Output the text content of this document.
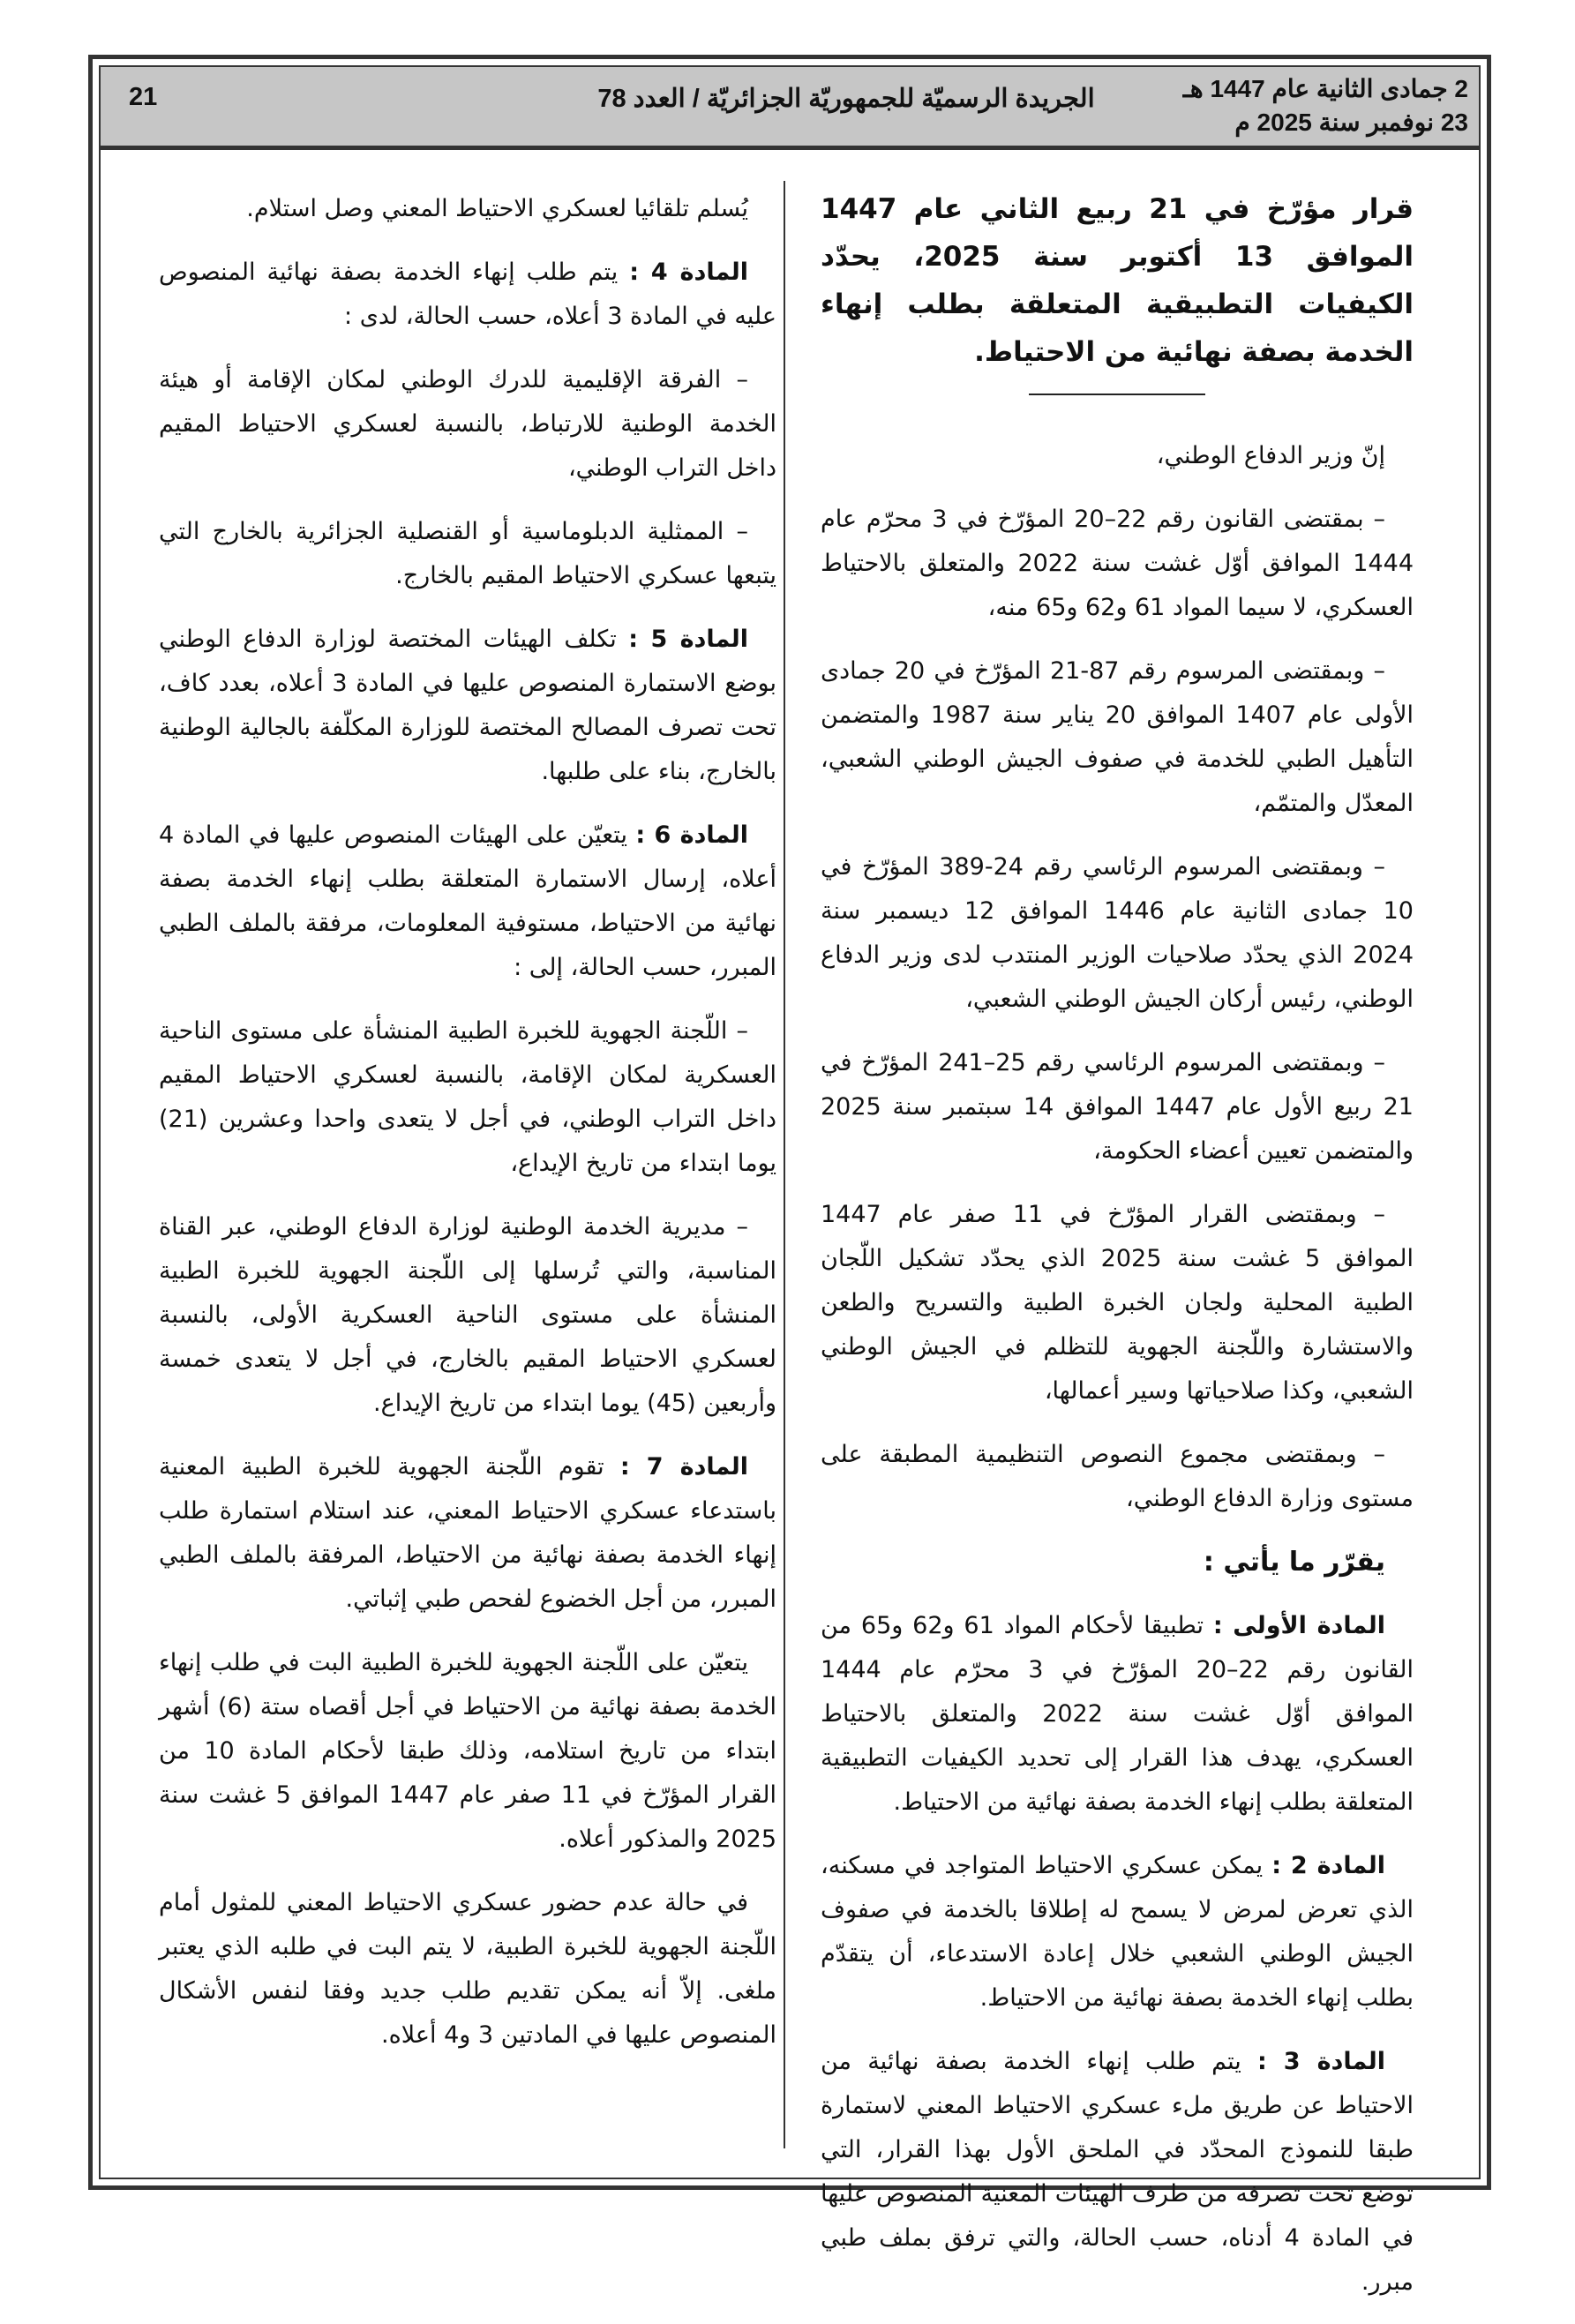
2 جمادى الثانية عام 1447 هـ
23 نوفمبر سنة 2025 م
الجريدة الرسميّة للجمهوريّة الجزائريّة / العدد 78
21

قرار مؤرّخ في 21 ربيع الثاني عام 1447 الموافق 13 أكتوبر سنة 2025، يحدّد الكيفيات التطبيقية المتعلقة بطلب إنهاء الخدمة بصفة نهائية من الاحتياط.

إنّ وزير الدفاع الوطني،

– بمقتضى القانون رقم 22–20 المؤرّخ في 3 محرّم عام 1444 الموافق أوّل غشت سنة 2022 والمتعلق بالاحتياط العسكري، لا سيما المواد 61 و62 و65 منه،

– وبمقتضى المرسوم رقم 87-21 المؤرّخ في 20 جمادى الأولى عام 1407 الموافق 20 يناير سنة 1987 والمتضمن التأهيل الطبي للخدمة في صفوف الجيش الوطني الشعبي، المعدّل والمتمّم،

– وبمقتضى المرسوم الرئاسي رقم 24-389 المؤرّخ في 10 جمادى الثانية عام 1446 الموافق 12 ديسمبر سنة 2024 الذي يحدّد صلاحيات الوزير المنتدب لدى وزير الدفاع الوطني، رئيس أركان الجيش الوطني الشعبي،

– وبمقتضى المرسوم الرئاسي رقم 25–241 المؤرّخ في 21 ربيع الأول عام 1447 الموافق 14 سبتمبر سنة 2025 والمتضمن تعيين أعضاء الحكومة،

– وبمقتضى القرار المؤرّخ في 11 صفر عام 1447 الموافق 5 غشت سنة 2025 الذي يحدّد تشكيل اللّجان الطبية المحلية ولجان الخبرة الطبية والتسريح والطعن والاستشارة واللّجنة الجهوية للتظلم في الجيش الوطني الشعبي، وكذا صلاحياتها وسير أعمالها،

– وبمقتضى مجموع النصوص التنظيمية المطبقة على مستوى وزارة الدفاع الوطني،

يقرّر ما يأتي :

المادة الأولى : تطبيقا لأحكام المواد 61 و62 و65 من القانون رقم 22–20 المؤرّخ في 3 محرّم عام 1444 الموافق أوّل غشت سنة 2022 والمتعلق بالاحتياط العسكري، يهدف هذا القرار إلى تحديد الكيفيات التطبيقية المتعلقة بطلب إنهاء الخدمة بصفة نهائية من الاحتياط.

المادة 2 : يمكن عسكري الاحتياط المتواجد في مسكنه، الذي تعرض لمرض لا يسمح له إطلاقا بالخدمة في صفوف الجيش الوطني الشعبي خلال إعادة الاستدعاء، أن يتقدّم بطلب إنهاء الخدمة بصفة نهائية من الاحتياط.

المادة 3 : يتم طلب إنهاء الخدمة بصفة نهائية من الاحتياط عن طريق ملء عسكري الاحتياط المعني لاستمارة طبقا للنموذج المحدّد في الملحق الأول بهذا القرار، التي توضع تحت تصرفه من طرف الهيئات المعنية المنصوص عليها في المادة 4 أدناه، حسب الحالة، والتي ترفق بملف طبي مبرر.

يُسلم تلقائيا لعسكري الاحتياط المعني وصل استلام.

المادة 4 : يتم طلب إنهاء الخدمة بصفة نهائية المنصوص عليه في المادة 3 أعلاه، حسب الحالة، لدى :

– الفرقة الإقليمية للدرك الوطني لمكان الإقامة أو هيئة الخدمة الوطنية للارتباط، بالنسبة لعسكري الاحتياط المقيم داخل التراب الوطني،

– الممثلية الدبلوماسية أو القنصلية الجزائرية بالخارج التي يتبعها عسكري الاحتياط المقيم بالخارج.

المادة 5 : تكلف الهيئات المختصة لوزارة الدفاع الوطني بوضع الاستمارة المنصوص عليها في المادة 3 أعلاه، بعدد كاف، تحت تصرف المصالح المختصة للوزارة المكلّفة بالجالية الوطنية بالخارج، بناء على طلبها.

المادة 6 : يتعيّن على الهيئات المنصوص عليها في المادة 4 أعلاه، إرسال الاستمارة المتعلقة بطلب إنهاء الخدمة بصفة نهائية من الاحتياط، مستوفية المعلومات، مرفقة بالملف الطبي المبرر، حسب الحالة، إلى :

– اللّجنة الجهوية للخبرة الطبية المنشأة على مستوى الناحية العسكرية لمكان الإقامة، بالنسبة لعسكري الاحتياط المقيم داخل التراب الوطني، في أجل لا يتعدى واحدا وعشرين (21) يوما ابتداء من تاريخ الإيداع،

– مديرية الخدمة الوطنية لوزارة الدفاع الوطني، عبر القناة المناسبة، والتي تُرسلها إلى اللّجنة الجهوية للخبرة الطبية المنشأة على مستوى الناحية العسكرية الأولى، بالنسبة لعسكري الاحتياط المقيم بالخارج، في أجل لا يتعدى خمسة وأربعين (45) يوما ابتداء من تاريخ الإيداع.

المادة 7 : تقوم اللّجنة الجهوية للخبرة الطبية المعنية باستدعاء عسكري الاحتياط المعني، عند استلام استمارة طلب إنهاء الخدمة بصفة نهائية من الاحتياط، المرفقة بالملف الطبي المبرر، من أجل الخضوع لفحص طبي إثباتي.

يتعيّن على اللّجنة الجهوية للخبرة الطبية البت في طلب إنهاء الخدمة بصفة نهائية من الاحتياط في أجل أقصاه ستة (6) أشهر ابتداء من تاريخ استلامه، وذلك طبقا لأحكام المادة 10 من القرار المؤرّخ في 11 صفر عام 1447 الموافق 5 غشت سنة 2025 والمذكور أعلاه.

في حالة عدم حضور عسكري الاحتياط المعني للمثول أمام اللّجنة الجهوية للخبرة الطبية، لا يتم البت في طلبه الذي يعتبر ملغى. إلاّ أنه يمكن تقديم طلب جديد وفقا لنفس الأشكال المنصوص عليها في المادتين 3 و4 أعلاه.
